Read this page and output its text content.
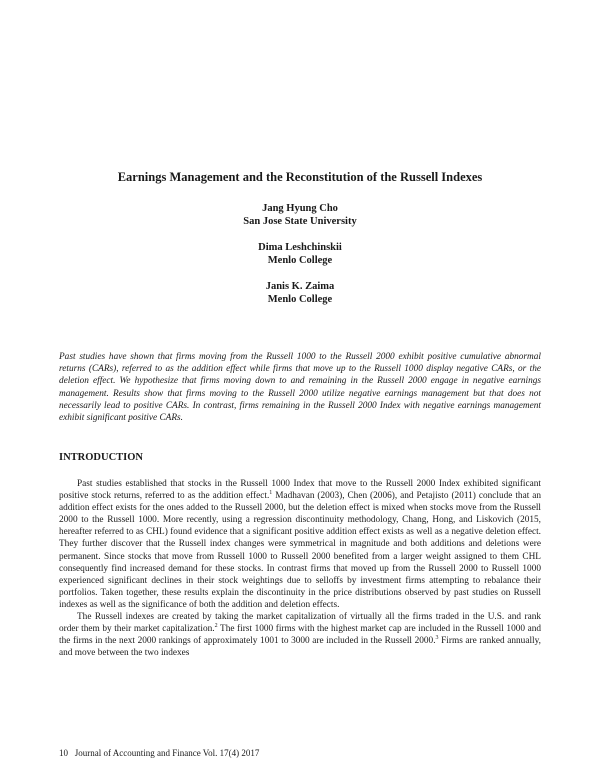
Earnings Management and the Reconstitution of the Russell Indexes
Jang Hyung Cho
San Jose State University
Dima Leshchinskii
Menlo College
Janis K. Zaima
Menlo College
Past studies have shown that firms moving from the Russell 1000 to the Russell 2000 exhibit positive cumulative abnormal returns (CARs), referred to as the addition effect while firms that move up to the Russell 1000 display negative CARs, or the deletion effect. We hypothesize that firms moving down to and remaining in the Russell 2000 engage in negative earnings management. Results show that firms moving to the Russell 2000 utilize negative earnings management but that does not necessarily lead to positive CARs. In contrast, firms remaining in the Russell 2000 Index with negative earnings management exhibit significant positive CARs.
INTRODUCTION

Past studies established that stocks in the Russell 1000 Index that move to the Russell 2000 Index exhibited significant positive stock returns, referred to as the addition effect.$^1$ Madhavan (2003), Chen (2006), and Petajisto (2011) conclude that an addition effect exists for the ones added to the Russell 2000, but the deletion effect is mixed when stocks move from the Russell 2000 to the Russell 1000. More recently, using a regression discontinuity methodology, Chang, Hong, and Liskovich (2015, hereafter referred to as CHL) found evidence that a significant positive addition effect exists as well as a negative deletion effect. They further discover that the Russell index changes were symmetrical in magnitude and both additions and deletions were permanent. Since stocks that move from Russell 1000 to Russell 2000 benefited from a larger weight assigned to them CHL consequently find increased demand for these stocks. In contrast firms that moved up from the Russell 2000 to Russell 1000 experienced significant declines in their stock weightings due to selloffs by investment firms attempting to rebalance their portfolios. Taken together, these results explain the discontinuity in the price distributions observed by past studies on Russell indexes as well as the significance of both the addition and deletion effects.

The Russell indexes are created by taking the market capitalization of virtually all the firms traded in the U.S. and rank order them by their market capitalization.$^2$ The first 1000 firms with the highest market cap are included in the Russell 1000 and the firms in the next 2000 rankings of approximately 1001 to 3000 are included in the Russell 2000.$^3$ Firms are ranked annually, and move between the two indexes

10   Journal of Accounting and Finance Vol. 17(4) 2017
